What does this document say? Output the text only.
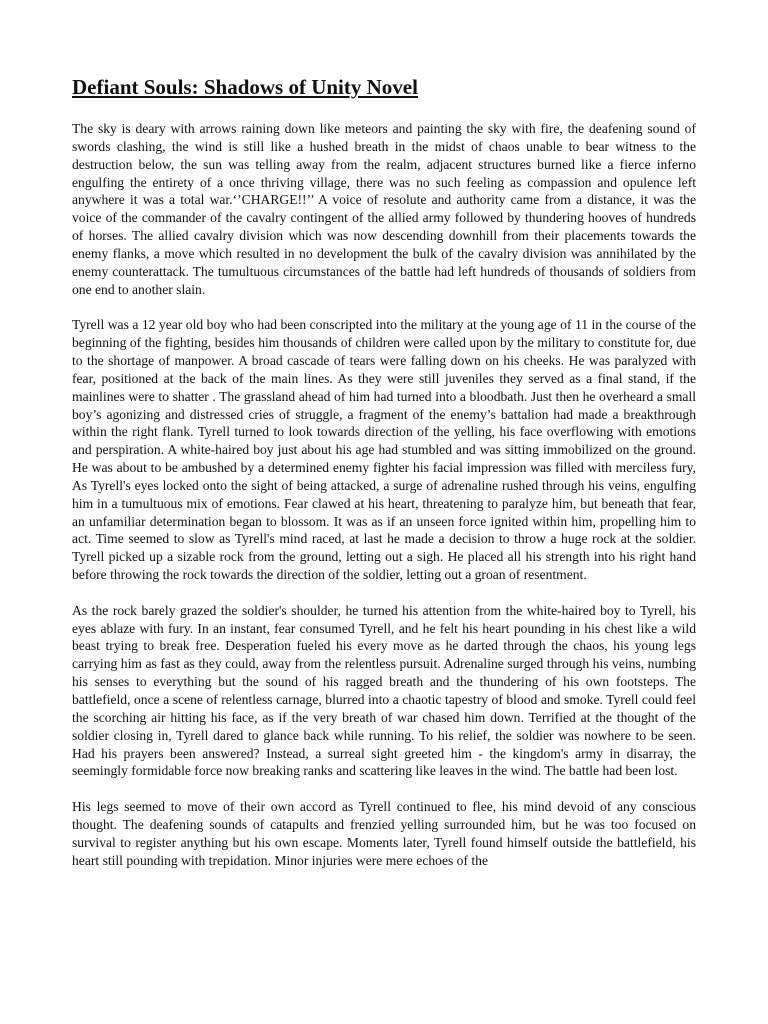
Defiant Souls: Shadows of Unity Novel

The sky is deary with arrows raining down like meteors and painting the sky with fire, the deafening sound of swords clashing, the wind is still like a hushed breath in the midst of chaos unable to bear witness to the destruction below, the sun was telling away from the realm, adjacent structures burned like a fierce inferno engulfing the entirety of a once thriving village, there was no such feeling as compassion and opulence left anywhere it was a total war.‘’CHARGE!!’’ A voice of resolute and authority came from a distance, it was the voice of the commander of the cavalry contingent of the allied army followed by thundering hooves of hundreds of horses. The allied cavalry division which was now descending downhill from their placements towards the enemy flanks, a move which resulted in no development the bulk of the cavalry division was annihilated by the enemy counterattack. The tumultuous circumstances of the battle had left hundreds of thousands of soldiers from one end to another slain.

Tyrell was a 12 year old boy who had been conscripted into the military at the young age of 11 in the course of the beginning of the fighting, besides him thousands of children were called upon by the military to constitute for, due to the shortage of manpower. A broad cascade of tears were falling down on his cheeks. He was paralyzed with fear, positioned at the back of the main lines. As they were still juveniles they served as a final stand, if the mainlines were to shatter . The grassland ahead of him had turned into a bloodbath. Just then he overheard a small boy’s agonizing and distressed cries of struggle, a fragment of the enemy’s battalion had made a breakthrough within the right flank. Tyrell turned to look towards direction of the yelling, his face overflowing with emotions and perspiration. A white-haired boy just about his age had stumbled and was sitting immobilized on the ground. He was about to be ambushed by a determined enemy fighter his facial impression was filled with merciless fury, As Tyrell's eyes locked onto the sight of being attacked, a surge of adrenaline rushed through his veins, engulfing him in a tumultuous mix of emotions. Fear clawed at his heart, threatening to paralyze him, but beneath that fear, an unfamiliar determination began to blossom. It was as if an unseen force ignited within him, propelling him to act. Time seemed to slow as Tyrell's mind raced, at last he made a decision to throw a huge rock at the soldier. Tyrell picked up a sizable rock from the ground, letting out a sigh. He placed all his strength into his right hand before throwing the rock towards the direction of the soldier, letting out a groan of resentment.

As the rock barely grazed the soldier's shoulder, he turned his attention from the white-haired boy to Tyrell, his eyes ablaze with fury. In an instant, fear consumed Tyrell, and he felt his heart pounding in his chest like a wild beast trying to break free. Desperation fueled his every move as he darted through the chaos, his young legs carrying him as fast as they could, away from the relentless pursuit. Adrenaline surged through his veins, numbing his senses to everything but the sound of his ragged breath and the thundering of his own footsteps. The battlefield, once a scene of relentless carnage, blurred into a chaotic tapestry of blood and smoke. Tyrell could feel the scorching air hitting his face, as if the very breath of war chased him down. Terrified at the thought of the soldier closing in, Tyrell dared to glance back while running. To his relief, the soldier was nowhere to be seen. Had his prayers been answered? Instead, a surreal sight greeted him - the kingdom's army in disarray, the seemingly formidable force now breaking ranks and scattering like leaves in the wind. The battle had been lost.

His legs seemed to move of their own accord as Tyrell continued to flee, his mind devoid of any conscious thought. The deafening sounds of catapults and frenzied yelling surrounded him, but he was too focused on survival to register anything but his own escape. Moments later, Tyrell found himself outside the battlefield, his heart still pounding with trepidation. Minor injuries were mere echoes of the
